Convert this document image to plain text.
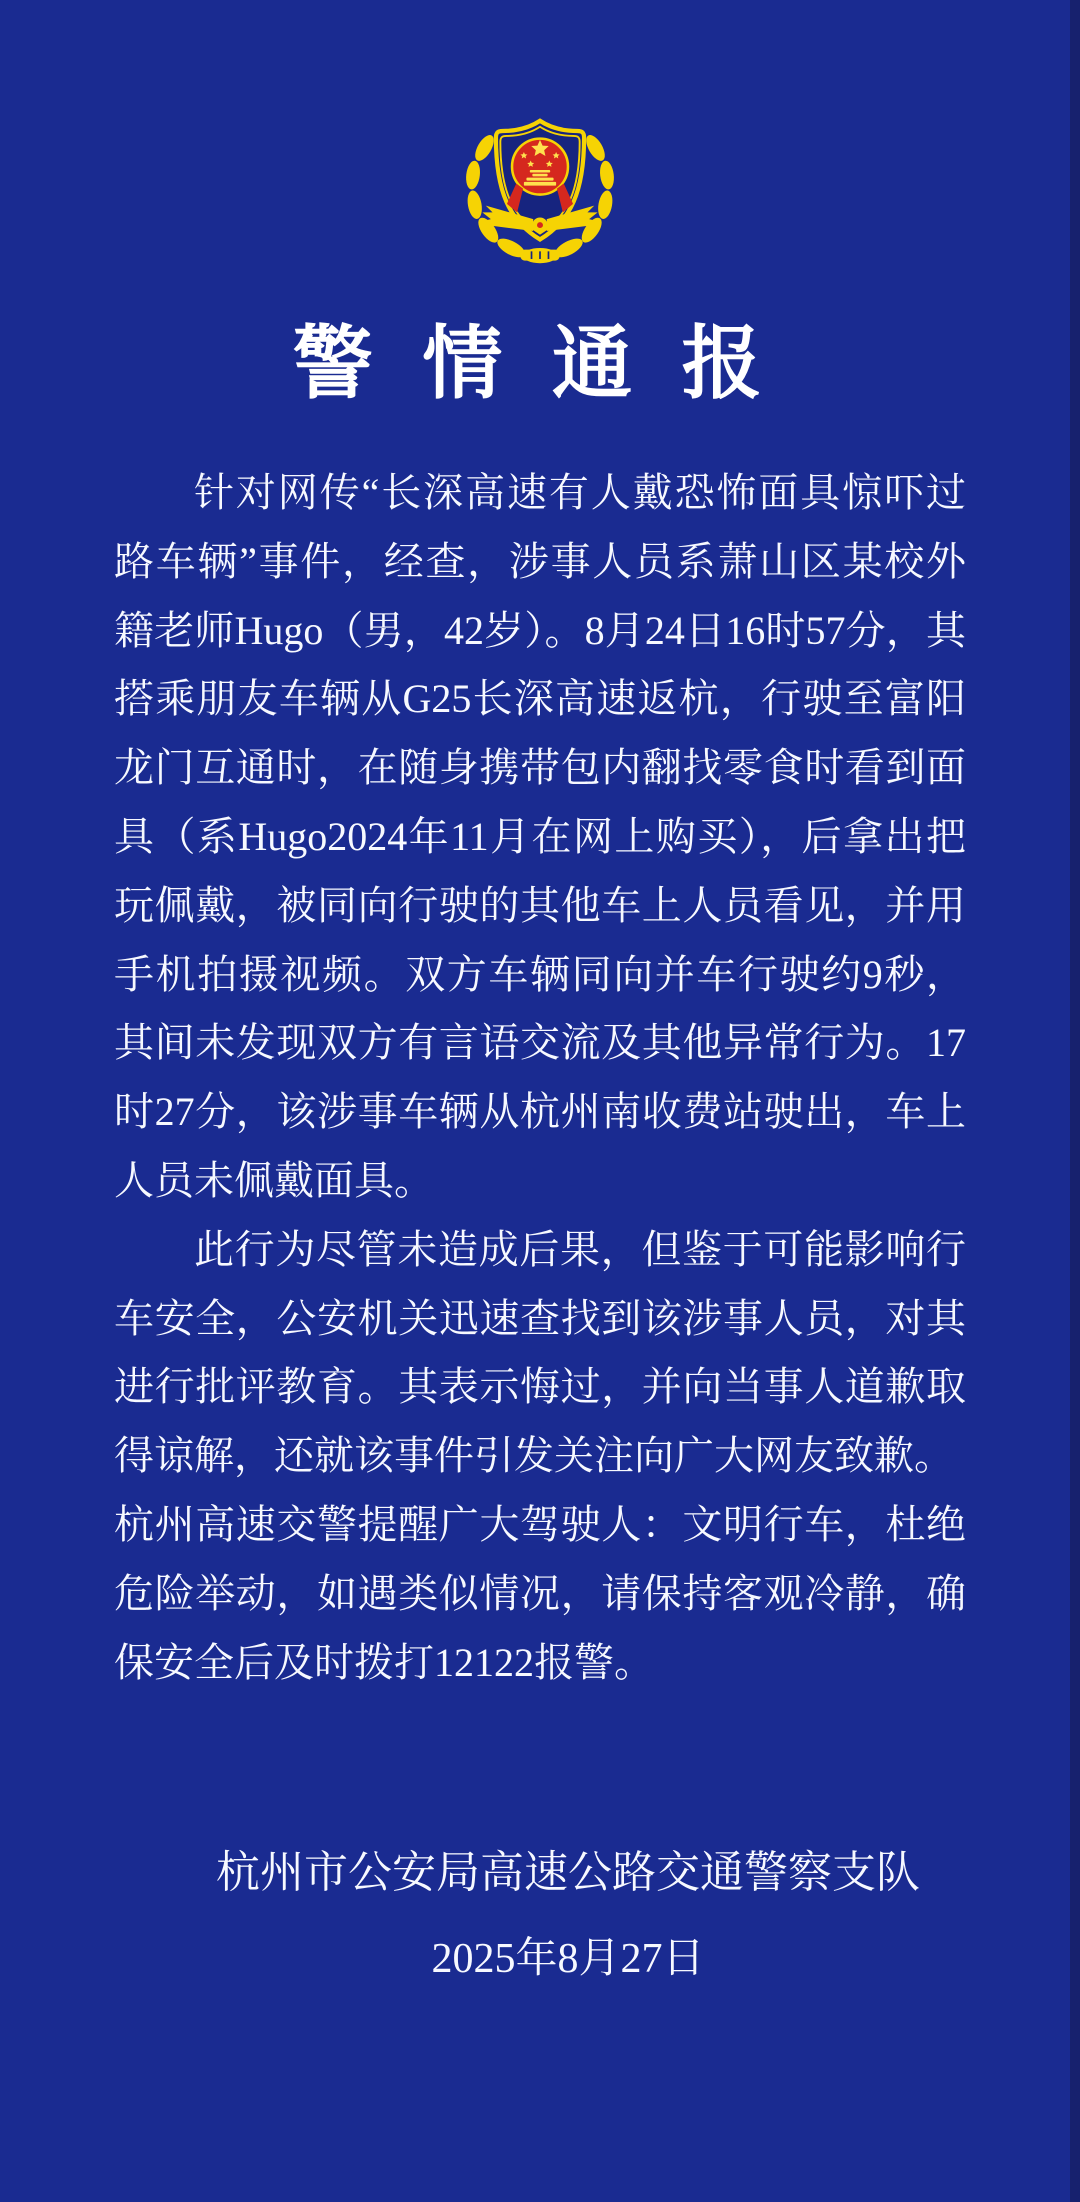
警情通报

针对网传“长深高速有人戴恐怖面具惊吓过路车辆”事件，经查，涉事人员系萧山区某校外籍老师Hugo（男，42岁）。8月24日16时57分，其搭乘朋友车辆从G25长深高速返杭，行驶至富阳龙门互通时，在随身携带包内翻找零食时看到面具（系Hugo2024年11月在网上购买），后拿出把玩佩戴，被同向行驶的其他车上人员看见，并用手机拍摄视频。双方车辆同向并车行驶约9秒，其间未发现双方有言语交流及其他异常行为。17时27分，该涉事车辆从杭州南收费站驶出，车上人员未佩戴面具。

此行为尽管未造成后果，但鉴于可能影响行车安全，公安机关迅速查找到该涉事人员，对其进行批评教育。其表示悔过，并向当事人道歉取得谅解，还就该事件引发关注向广大网友致歉。

杭州高速交警提醒广大驾驶人：文明行车，杜绝危险举动，如遇类似情况，请保持客观冷静，确保安全后及时拨打12122报警。

杭州市公安局高速公路交通警察支队
2025年8月27日
